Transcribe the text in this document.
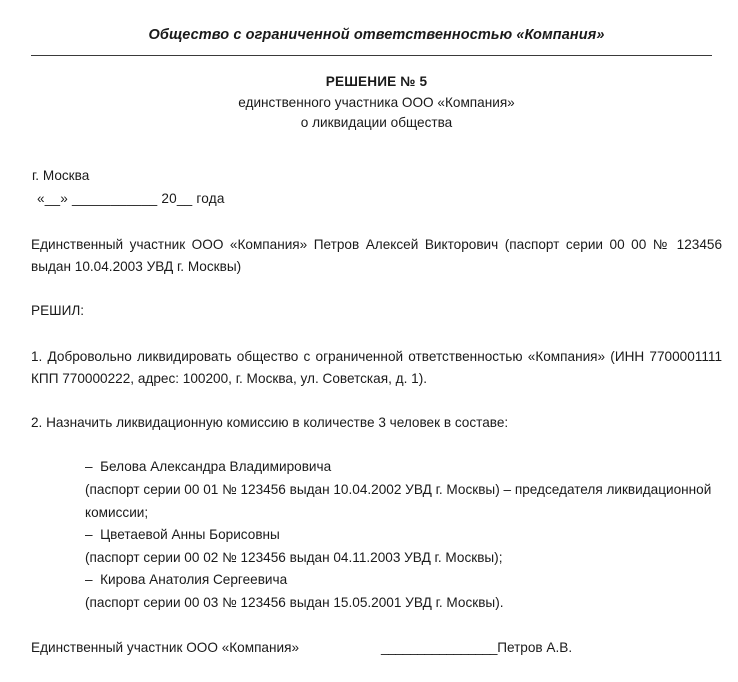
Общество с ограниченной ответственностью «Компания»
РЕШЕНИЕ № 5
единственного участника ООО «Компания»
о ликвидации общества
г. Москва
«__» ___________ 20__ года
Единственный участник ООО «Компания» Петров Алексей Викторович (паспорт серии 00 00 № 123456 выдан 10.04.2003 УВД г. Москвы)
РЕШИЛ:
1. Добровольно ликвидировать общество с ограниченной ответственностью «Компания» (ИНН 7700001111 КПП 770000222, адрес: 100200, г. Москва, ул. Советская, д. 1).
2. Назначить ликвидационную комиссию в количестве 3 человек в составе:
–  Белова Александра Владимировича
(паспорт серии 00 01 № 123456 выдан 10.04.2002 УВД г. Москвы) – председателя ликвидационной комиссии;
–  Цветаевой Анны Борисовны
(паспорт серии 00 02 № 123456 выдан 04.11.2003 УВД г. Москвы);
–  Кирова Анатолия Сергеевича
(паспорт серии 00 03 № 123456 выдан 15.05.2001 УВД г. Москвы).
Единственный участник ООО «Компания»	________________ Петров А.В.
